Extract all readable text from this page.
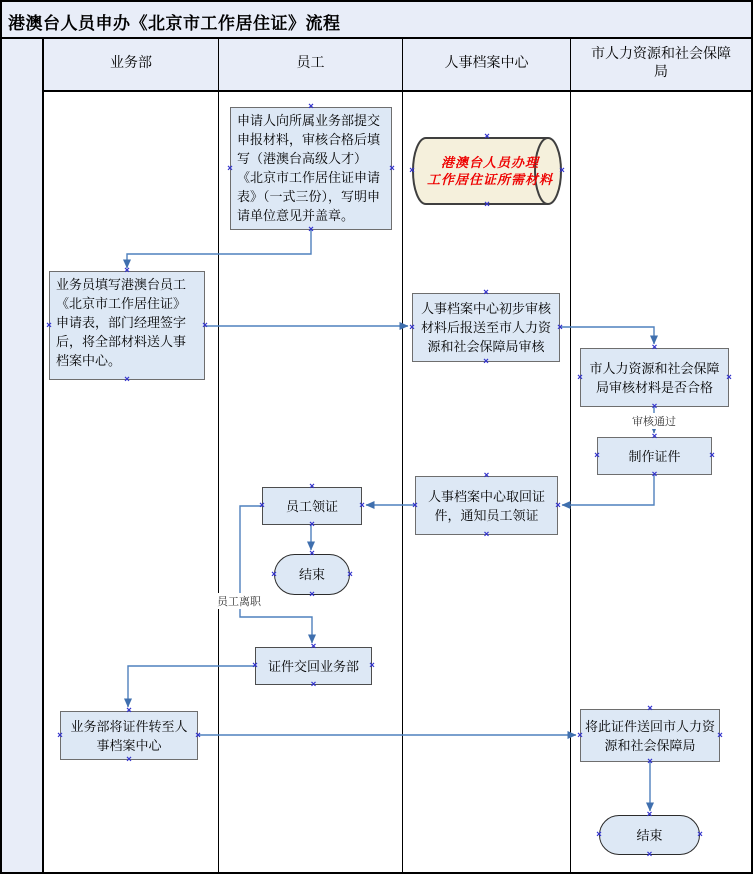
港澳台人员申办《北京市工作居住证》流程
业务部	员工	人事档案中心
市人力资源和社会保障局
申请人向所属业务部提交申报材料，审核合格后填写（港澳台高级人才）《北京市工作居住证申请表》（一式三份），写明申请单位意见并盖章。
港澳台人员办理
工作居住证所需材料
业务员填写港澳台员工《北京市工作居住证》申请表，部门经理签字后，将全部材料送人事档案中心。
人事档案中心初步审核材料后报送至市人力资源和社会保障局审核
市人力资源和社会保障局审核材料是否合格
制作证件
人事档案中心取回证件，通知员工领证
员工领证
结束
证件交回业务部
业务部将证件转至人事档案中心
将此证件送回市人力资源和社会保障局
结束
审核通过
员工离职
×
×
×	×
×
×
×	×
×
×
×	×
×
×
×	×
×
×
×	×
×
×
×	×
×
×
×	×
×
×
×	×
×
×
×	×
×
×
×	×
×
×
×	×
×
×
×	×
×
×
×	×
